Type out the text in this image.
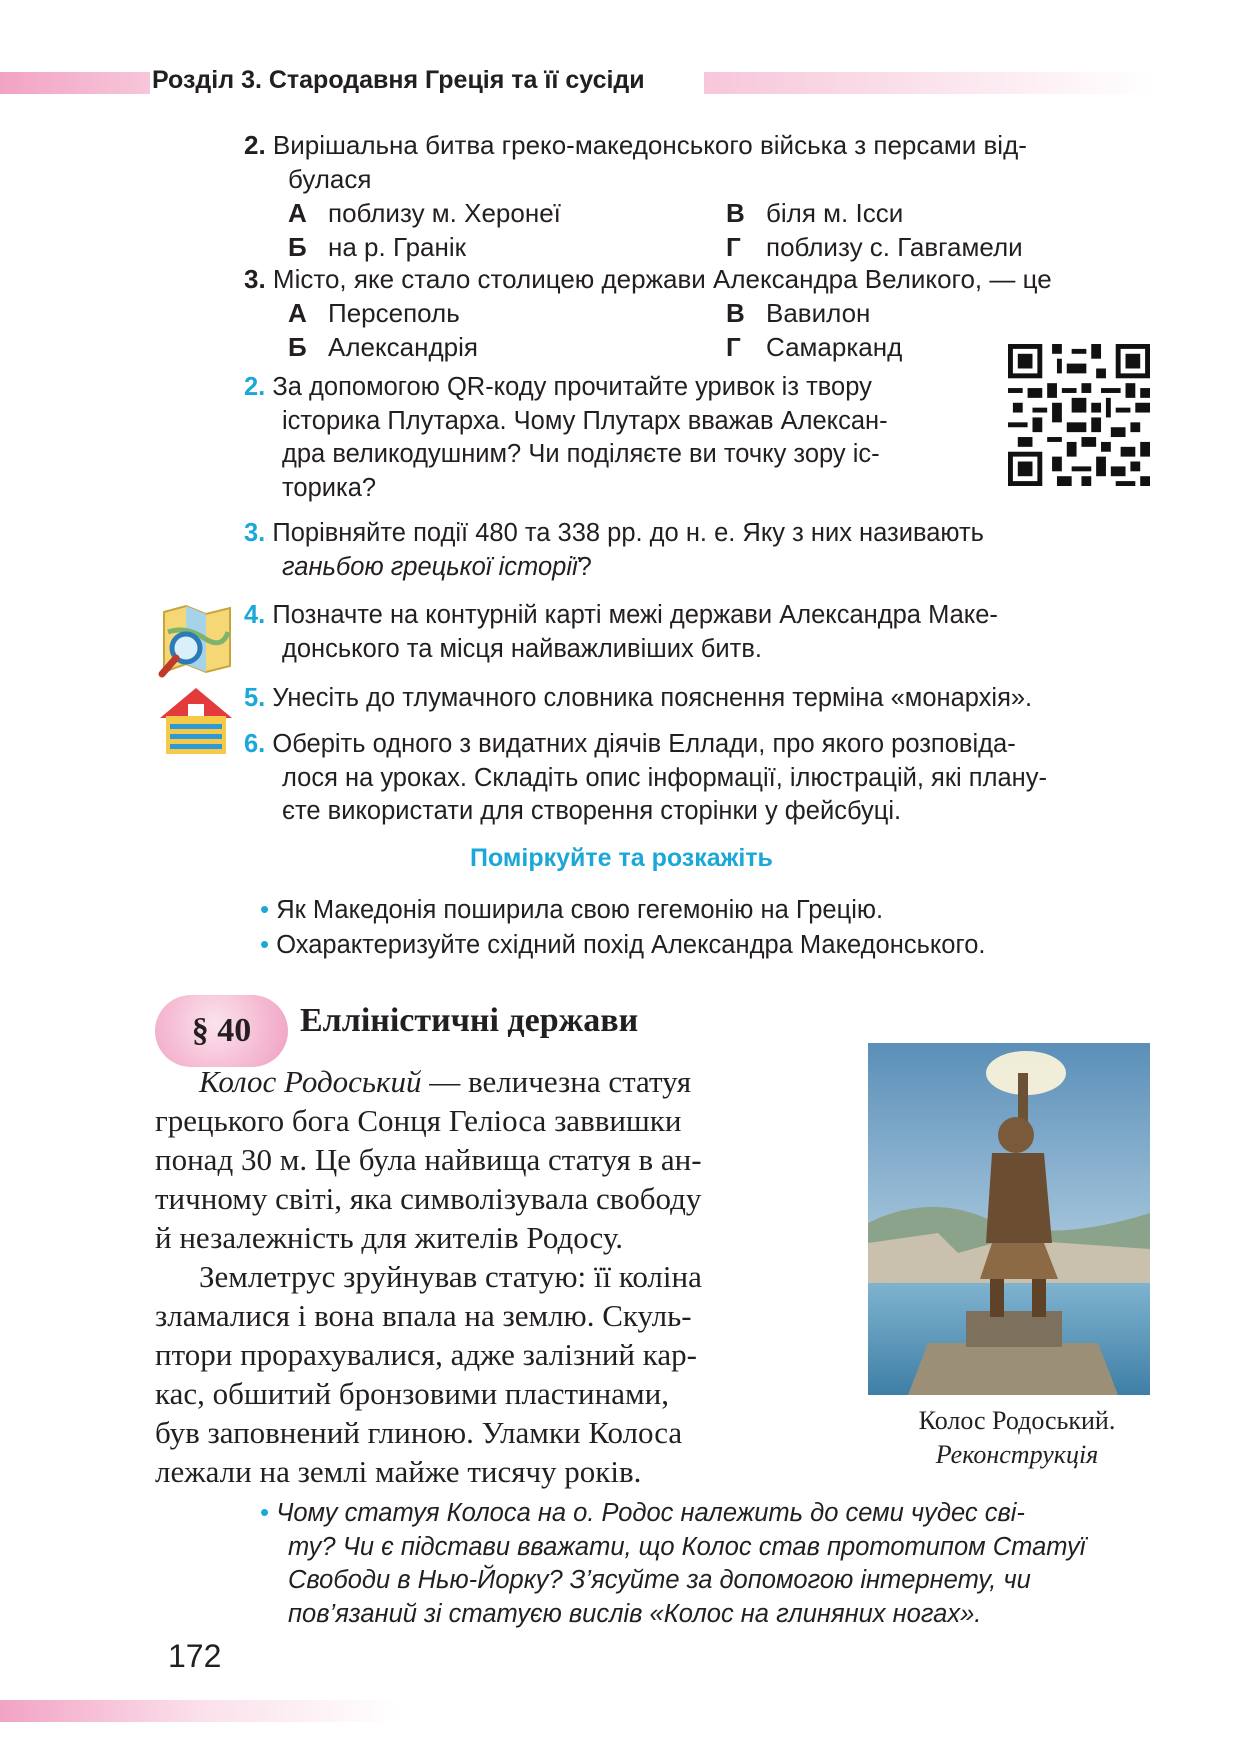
Розділ 3. Стародавня Греція та її сусіди
2. Вирішальна битва греко-македонського війська з персами від-
булася
А поблизу м. Херонеї	В біля м. Ісси
Б на р. Гранік	Г поблизу с. Гавгамели
3. Місто, яке стало столицею держави Александра Великого, — це
А Персеполь	В Вавилон
Б Александрія	Г Самарканд
2. За допомогою QR-коду прочитайте уривок із твору
історика Плутарха. Чому Плутарх вважав Алексан-
дра великодушним? Чи поділяєте ви точку зору іс-
торика?
3. Порівняйте події 480 та 338 рр. до н. е. Яку з них називають
ганьбою грецької історії?
4. Позначте на контурній карті межі держави Александра Маке-
донського та місця найважливіших битв.
5. Унесіть до тлумачного словника пояснення терміна «монархія».
6. Оберіть одного з видатних діячів Еллади, про якого розповіда-
лося на уроках. Складіть опис інформації, ілюстрацій, які плану-
єте використати для створення сторінки у фейсбуці.
Поміркуйте та розкажіть
• Як Македонія поширила свою гегемонію на Грецію.
• Охарактеризуйте східний похід Александра Македонського.
§ 40	Елліністичні держави
Колос Родоський.
Реконструкція
Колос Родоський — величезна статуя
грецького бога Сонця Геліоса заввишки
понад 30 м. Це була найвища статуя в ан-
тичному світі, яка символізувала свободу
й незалежність для жителів Родосу.
Землетрус зруйнував статую: її коліна
зламалися і вона впала на землю. Скуль-
птори прорахувалися, адже залізний кар-
кас, обшитий бронзовими пластинами,
був заповнений глиною. Уламки Колоса
лежали на землі майже тисячу років.
• Чому статуя Колоса на о. Родос належить до семи чудес сві-
ту? Чи є підстави вважати, що Колос став прототипом Статуї
Свободи в Нью-Йорку? З’ясуйте за допомогою інтернету, чи
пов’язаний зі статуєю вислів «Колос на глиняних ногах».
172
